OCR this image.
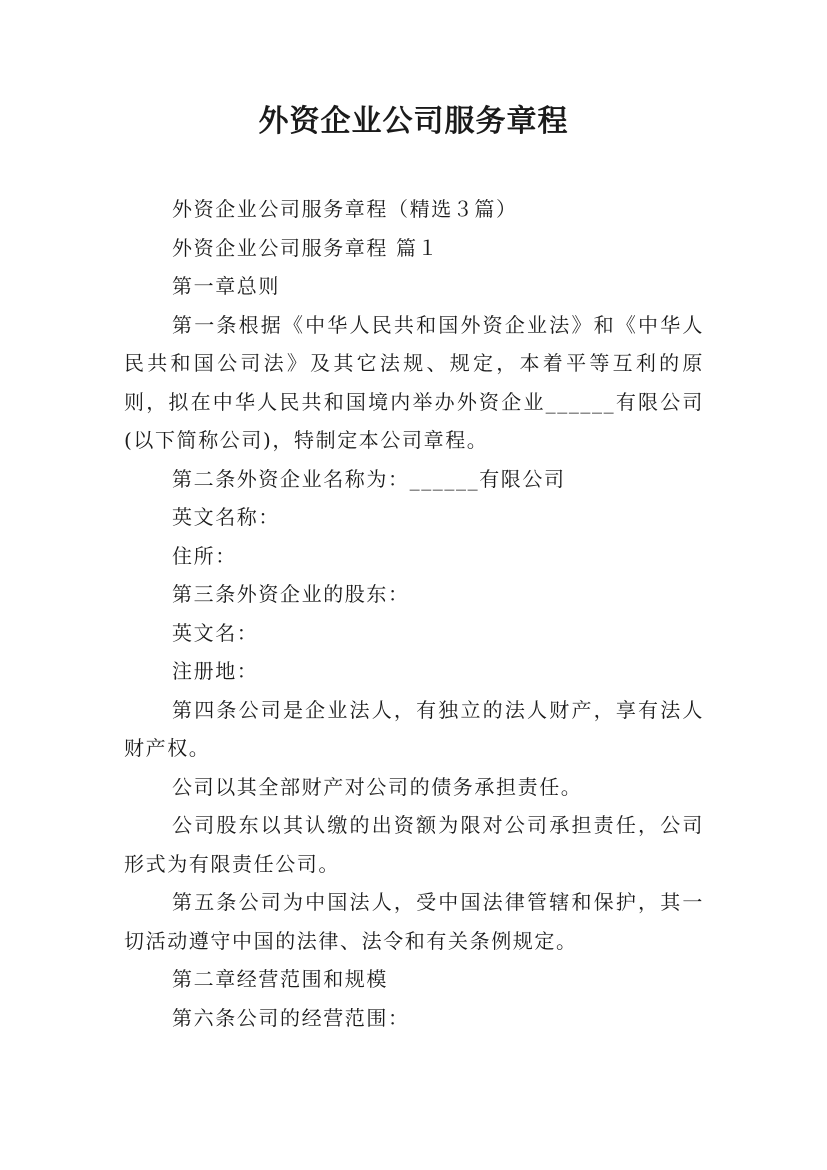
外资企业公司服务章程

外资企业公司服务章程（精选３篇）

外资企业公司服务章程 篇１

第一章总则

第一条根据《中华人民共和国外资企业法》和《中华人民共和国公司法》及其它法规、规定，本着平等互利的原则，拟在中华人民共和国境内举办外资企业______有限公司(以下简称公司)，特制定本公司章程。

第二条外资企业名称为：______有限公司

英文名称：

住所：

第三条外资企业的股东：

英文名：

注册地：

第四条公司是企业法人，有独立的法人财产，享有法人财产权。

公司以其全部财产对公司的债务承担责任。

公司股东以其认缴的出资额为限对公司承担责任，公司形式为有限责任公司。

第五条公司为中国法人，受中国法律管辖和保护，其一切活动遵守中国的法律、法令和有关条例规定。

第二章经营范围和规模

第六条公司的经营范围：
